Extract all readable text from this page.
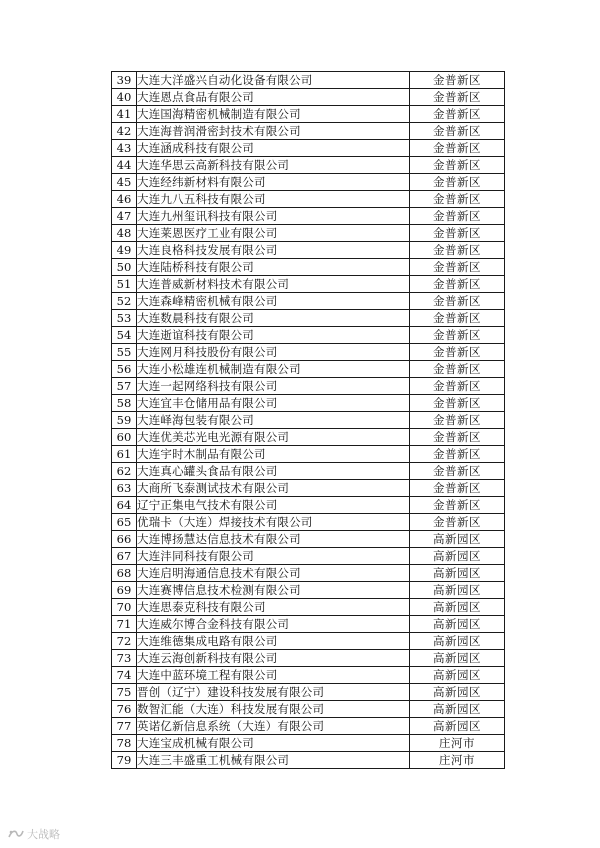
39	大连大洋盛兴自动化设备有限公司	金普新区
40	大连恩点食品有限公司	金普新区
41	大连国海精密机械制造有限公司	金普新区
42	大连海普润滑密封技术有限公司	金普新区
43	大连涵成科技有限公司	金普新区
44	大连华思云高新科技有限公司	金普新区
45	大连经纬新材料有限公司	金普新区
46	大连九八五科技有限公司	金普新区
47	大连九州玺讯科技有限公司	金普新区
48	大连莱恩医疗工业有限公司	金普新区
49	大连良格科技发展有限公司	金普新区
50	大连陆桥科技有限公司	金普新区
51	大连普威新材料技术有限公司	金普新区
52	大连森峰精密机械有限公司	金普新区
53	大连数晨科技有限公司	金普新区
54	大连逝谊科技有限公司	金普新区
55	大连网月科技股份有限公司	金普新区
56	大连小松雄连机械制造有限公司	金普新区
57	大连一起网络科技有限公司	金普新区
58	大连宜丰仓储用品有限公司	金普新区
59	大连峄海包装有限公司	金普新区
60	大连优美芯光电光源有限公司	金普新区
61	大连宇时木制品有限公司	金普新区
62	大连真心罐头食品有限公司	金普新区
63	大商所飞泰测试技术有限公司	金普新区
64	辽宁正集电气技术有限公司	金普新区
65	优瑞卡（大连）焊接技术有限公司	金普新区
66	大连博扬慧达信息技术有限公司	高新园区
67	大连沣同科技有限公司	高新园区
68	大连启明海通信息技术有限公司	高新园区
69	大连赛博信息技术检测有限公司	高新园区
70	大连思泰克科技有限公司	高新园区
71	大连威尔博合金科技有限公司	高新园区
72	大连维德集成电路有限公司	高新园区
73	大连云海创新科技有限公司	高新园区
74	大连中蓝环境工程有限公司	高新园区
75	晋创（辽宁）建设科技发展有限公司	高新园区
76	数智汇能（大连）科技发展有限公司	高新园区
77	英诺亿新信息系统（大连）有限公司	高新园区
78	大连宝成机械有限公司	庄河市
79	大连三丰盛重工机械有限公司	庄河市
大战略
